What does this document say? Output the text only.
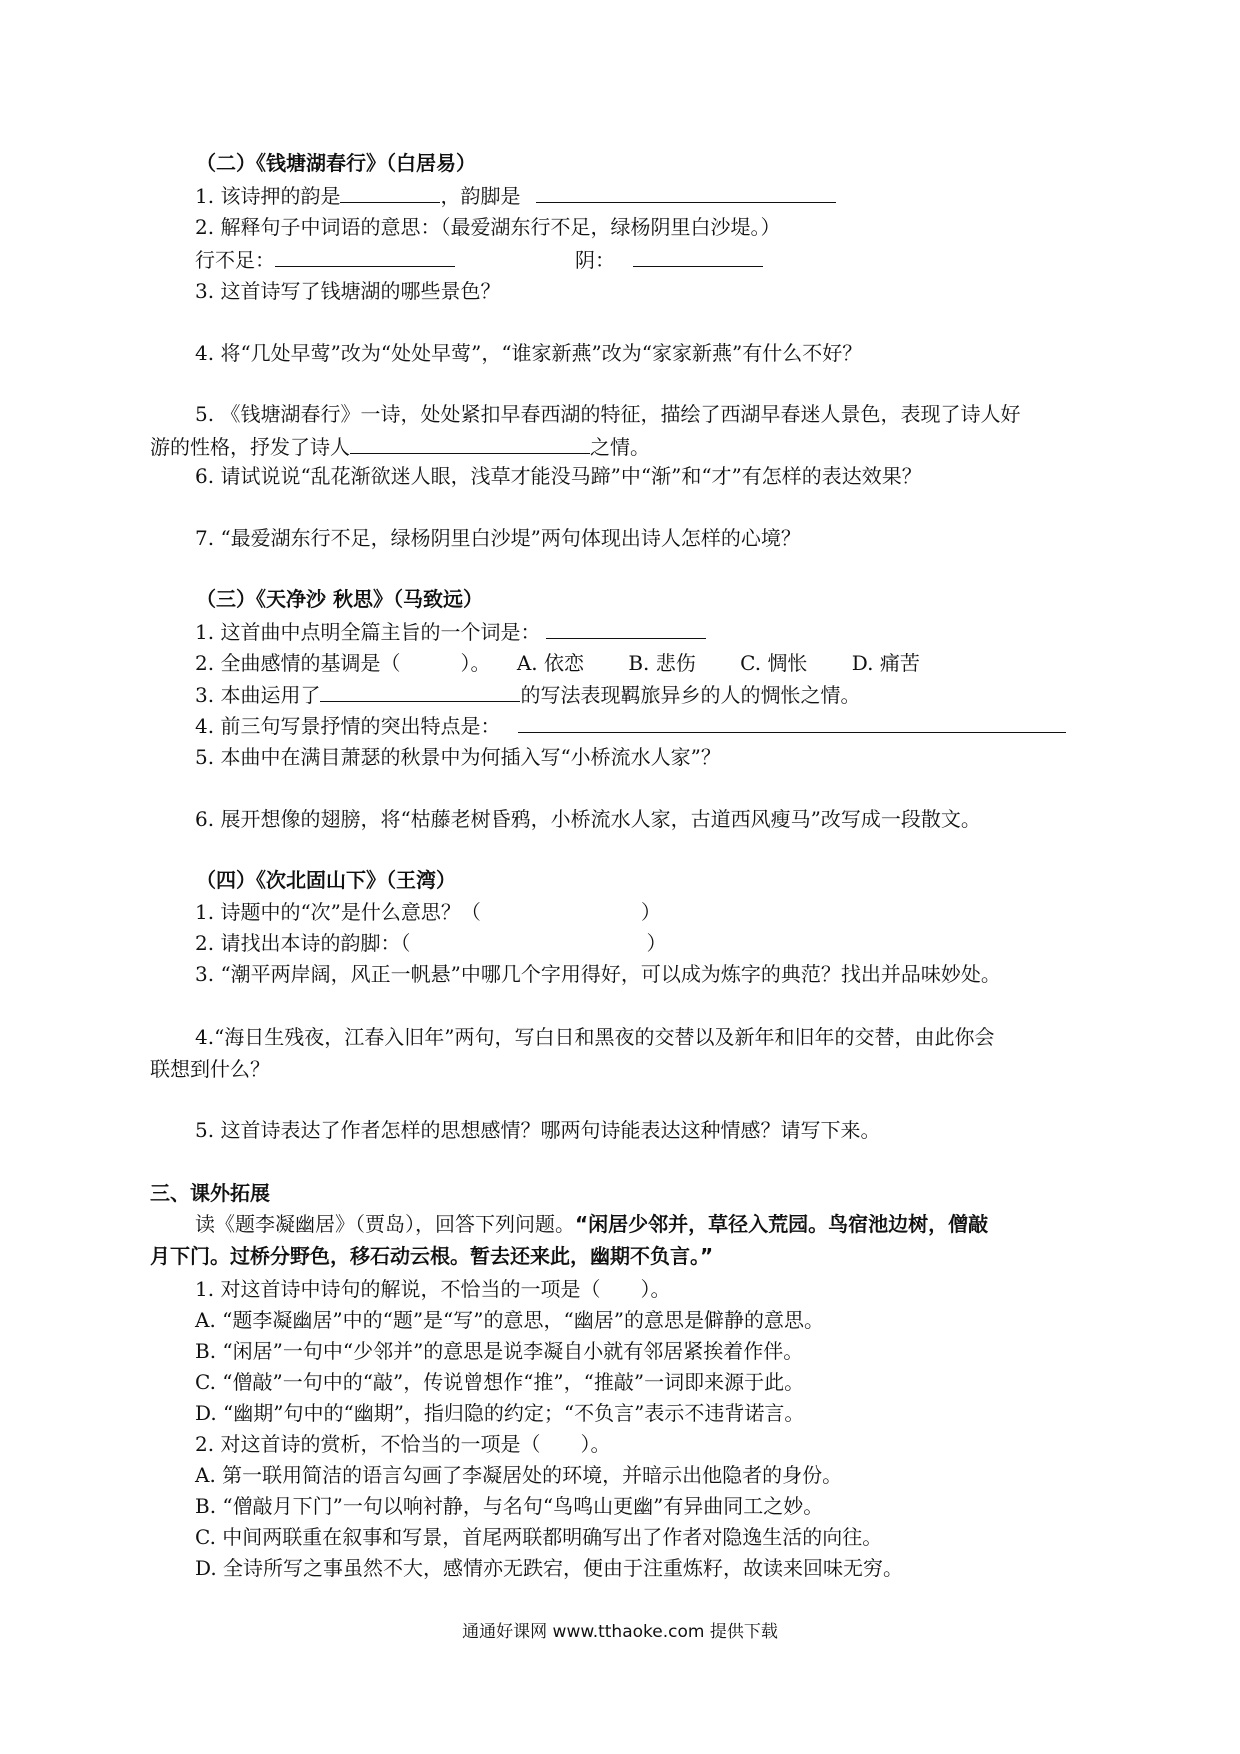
（二）《钱塘湖春行》（白居易）
1. 该诗押的韵是	，韵脚是
2. 解释句子中词语的意思：（最爱湖东行不足，绿杨阴里白沙堤。）
行不足：	阴：
3. 这首诗写了钱塘湖的哪些景色？
4. 将“几处早莺”改为“处处早莺”，“谁家新燕”改为“家家新燕”有什么不好？
5. 《钱塘湖春行》一诗，处处紧扣早春西湖的特征，描绘了西湖早春迷人景色，表现了诗人好
游的性格，抒发了诗人	之情。
6. 请试说说“乱花渐欲迷人眼，浅草才能没马蹄”中“渐”和“才”有怎样的表达效果？
7. “最爱湖东行不足，绿杨阴里白沙堤”两句体现出诗人怎样的心境？
（三）《天净沙 秋思》（马致远）
1. 这首曲中点明全篇主旨的一个词是：
2. 全曲感情的基调是（　　　）。 A. 依恋 B. 悲伤 C. 惆怅 D. 痛苦
3. 本曲运用了	的写法表现羁旅异乡的人的惆怅之情。
4. 前三句写景抒情的突出特点是：
5. 本曲中在满目萧瑟的秋景中为何插入写“小桥流水人家”？
6. 展开想像的翅膀，将“枯藤老树昏鸦，小桥流水人家，古道西风瘦马”改写成一段散文。
（四）《次北固山下》（王湾）
1. 诗题中的“次”是什么意思？（	）
2. 请找出本诗的韵脚：（	）
3. “潮平两岸阔，风正一帆悬”中哪几个字用得好，可以成为炼字的典范？找出并品味妙处。
4.“海日生残夜，江春入旧年”两句，写白日和黑夜的交替以及新年和旧年的交替，由此你会
联想到什么？
5. 这首诗表达了作者怎样的思想感情？哪两句诗能表达这种情感？请写下来。
三、课外拓展
读《题李凝幽居》（贾岛），回答下列问题。“闲居少邻并，草径入荒园。鸟宿池边树，僧敲
月下门。过桥分野色，移石动云根。暂去还来此，幽期不负言。”
1. 对这首诗中诗句的解说，不恰当的一项是（　　）。
A. “题李凝幽居”中的“题”是“写”的意思，“幽居”的意思是僻静的意思。
B. “闲居”一句中“少邻并”的意思是说李凝自小就有邻居紧挨着作伴。
C. “僧敲”一句中的“敲”，传说曾想作“推”，“推敲”一词即来源于此。
D. “幽期”句中的“幽期”，指归隐的约定；“不负言”表示不违背诺言。
2. 对这首诗的赏析，不恰当的一项是（　　）。
A. 第一联用简洁的语言勾画了李凝居处的环境，并暗示出他隐者的身份。
B. “僧敲月下门”一句以响衬静，与名句“鸟鸣山更幽”有异曲同工之妙。
C. 中间两联重在叙事和写景，首尾两联都明确写出了作者对隐逸生活的向往。
D. 全诗所写之事虽然不大，感情亦无跌宕，便由于注重炼籽，故读来回味无穷。
通通好课网 www.tthaoke.com 提供下载
